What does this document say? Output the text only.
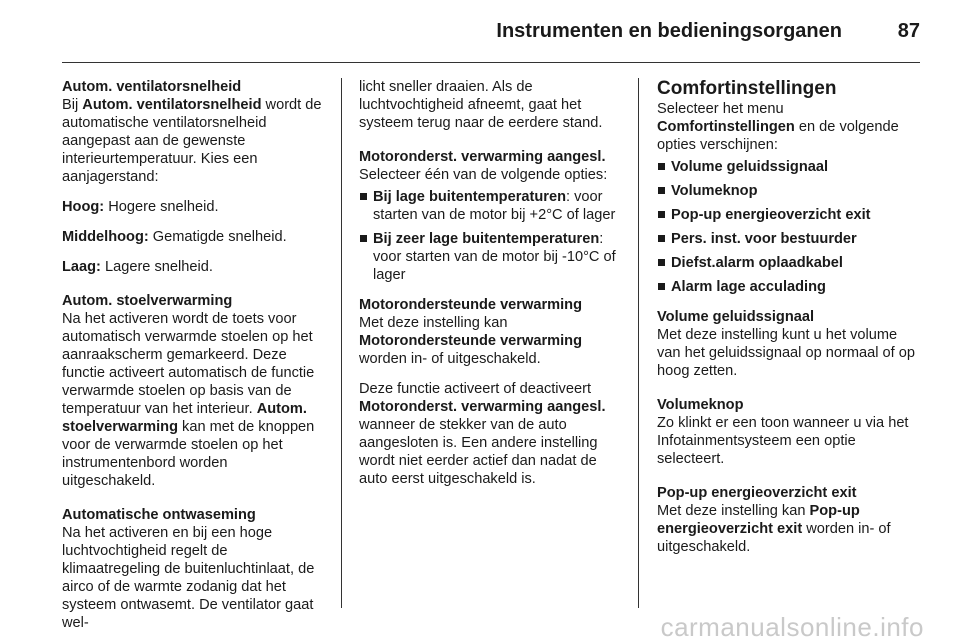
Instrumenten en bedieningsorganen	87

Autom. ventilatorsnelheid
Bij Autom. ventilatorsnelheid wordt de automatische ventilatorsnelheid aangepast aan de gewenste interieurtemperatuur. Kies een aanjagerstand:

Hoog: Hogere snelheid.

Middelhoog: Gematigde snelheid.

Laag: Lagere snelheid.

Autom. stoelverwarming
Na het activeren wordt de toets voor automatisch verwarmde stoelen op het aanraakscherm gemarkeerd. Deze functie activeert automatisch de functie verwarmde stoelen op basis van de temperatuur van het interieur. Autom. stoelverwarming kan met de knoppen voor de verwarmde stoelen op het instrumentenbord worden uitgeschakeld.

Automatische ontwaseming
Na het activeren en bij een hoge luchtvochtigheid regelt de klimaatregeling de buitenluchtinlaat, de airco of de warmte zodanig dat het systeem ontwasemt. De ventilator gaat wel-

licht sneller draaien. Als de luchtvochtigheid afneemt, gaat het systeem terug naar de eerdere stand.

Motoronderst. verwarming aangesl.
Selecteer één van de volgende opties:

Bij lage buitentemperaturen: voor starten van de motor bij +2°C of lager
Bij zeer lage buitentemperaturen: voor starten van de motor bij -10°C of lager

Motorondersteunde verwarming
Met deze instelling kan Motorondersteunde verwarming worden in- of uitgeschakeld.

Deze functie activeert of deactiveert Motoronderst. verwarming aangesl. wanneer de stekker van de auto aangesloten is. Een andere instelling wordt niet eerder actief dan nadat de auto eerst uitgeschakeld is.

Comfortinstellingen
Selecteer het menu Comfortinstellingen en de volgende opties verschijnen:

Volume geluidssignaal
Volumeknop
Pop-up energieoverzicht exit
Pers. inst. voor bestuurder
Diefst.alarm oplaadkabel
Alarm lage acculading

Volume geluidssignaal
Met deze instelling kunt u het volume van het geluidssignaal op normaal of op hoog zetten.

Volumeknop
Zo klinkt er een toon wanneer u via het Infotainmentsysteem een optie selecteert.

Pop-up energieoverzicht exit
Met deze instelling kan Pop-up energieoverzicht exit worden in- of uitgeschakeld.

carmanualsonline.info
